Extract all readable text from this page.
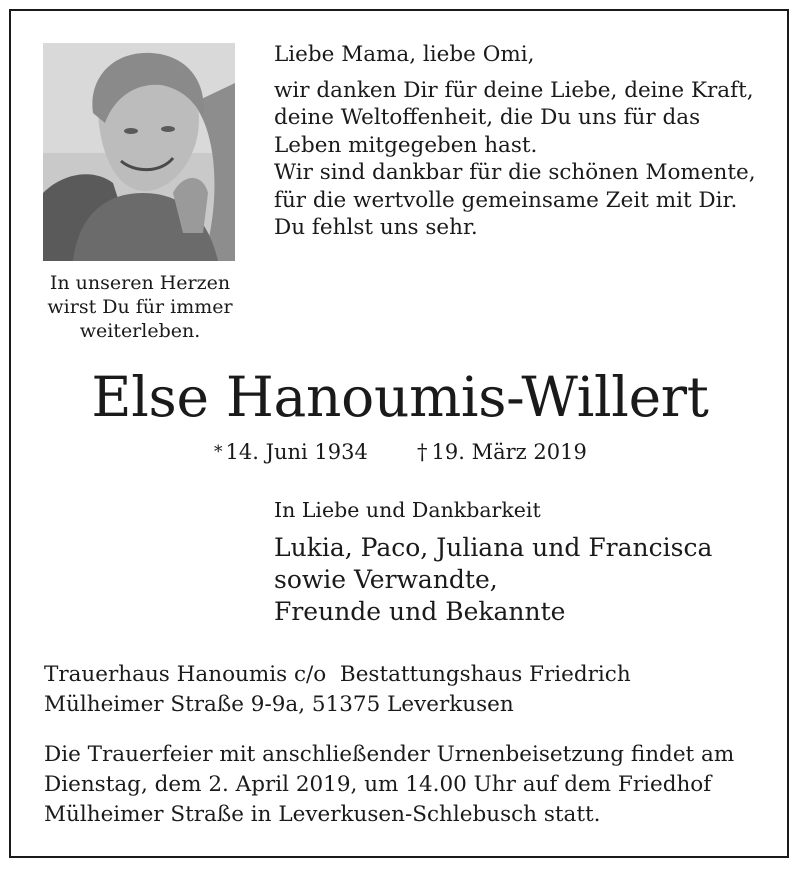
In unseren Herzen
wirst Du für immer
weiterleben.
Liebe Mama, liebe Omi,
wir danken Dir für deine Liebe, deine Kraft,
deine Weltoffenheit, die Du uns für das
Leben mitgegeben hast.
Wir sind dankbar für die schönen Momente,
für die wertvolle gemeinsame Zeit mit Dir.
Du fehlst uns sehr.
Else Hanoumis-Willert
* 14. Juni 1934 † 19. März 2019
In Liebe und Dankbarkeit
Lukia, Paco, Juliana und Francisca
sowie Verwandte,
Freunde und Bekannte
Trauerhaus Hanoumis c/o  Bestattungshaus Friedrich
Mülheimer Straße 9-9a, 51375 Leverkusen
Die Trauerfeier mit anschließender Urnenbeisetzung findet am
Dienstag, dem 2. April 2019, um 14.00 Uhr auf dem Friedhof
Mülheimer Straße in Leverkusen-Schlebusch statt.
